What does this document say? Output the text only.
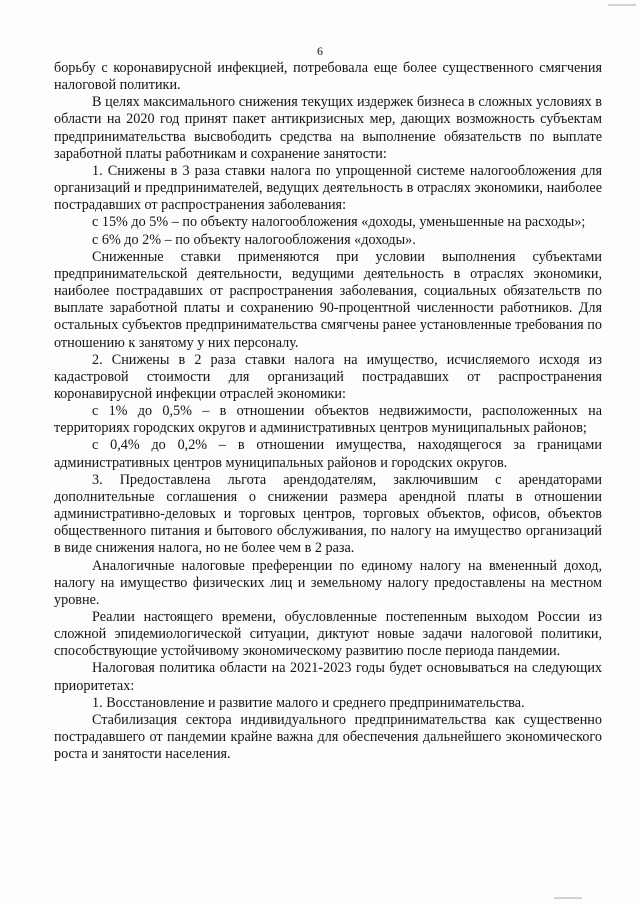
6

борьбу с коронавирусной инфекцией, потребовала еще более существенного смягчения налоговой политики.

В целях максимального снижения текущих издержек бизнеса в сложных условиях в области на 2020 год принят пакет антикризисных мер, дающих возможность субъектам предпринимательства высвободить средства на выполнение обязательств по выплате заработной платы работникам и сохранение занятости:

1. Снижены в 3 раза ставки налога по упрощенной системе налогообложения для организаций и предпринимателей, ведущих деятельность в отраслях экономики, наиболее пострадавших от распространения заболевания:

с 15% до 5% – по объекту налогообложения «доходы, уменьшенные на расходы»;

с 6% до 2% – по объекту налогообложения «доходы».

Сниженные ставки применяются при условии выполнения субъектами предпринимательской деятельности, ведущими деятельность в отраслях экономики, наиболее пострадавших от распространения заболевания, социальных обязательств по выплате заработной платы и сохранению 90-процентной численности работников. Для остальных субъектов предпринимательства смягчены ранее установленные требования по отношению к занятому у них персоналу.

2. Снижены в 2 раза ставки налога на имущество, исчисляемого исходя из кадастровой стоимости для организаций пострадавших от распространения коронавирусной инфекции отраслей экономики:

с 1% до 0,5% – в отношении объектов недвижимости, расположенных на территориях городских округов и административных центров муниципальных районов;

с 0,4% до 0,2% – в отношении имущества, находящегося за границами административных центров муниципальных районов и городских округов.

3. Предоставлена льгота арендодателям, заключившим с арендаторами дополнительные соглашения о снижении размера арендной платы в отношении административно-деловых и торговых центров, торговых объектов, офисов, объектов общественного питания и бытового обслуживания, по налогу на имущество организаций в виде снижения налога, но не более чем в 2 раза.

Аналогичные налоговые преференции по единому налогу на вмененный доход, налогу на имущество физических лиц и земельному налогу предоставлены на местном уровне.

Реалии настоящего времени, обусловленные постепенным выходом России из сложной эпидемиологической ситуации, диктуют новые задачи налоговой политики, способствующие устойчивому экономическому развитию после периода пандемии.

Налоговая политика области на 2021-2023 годы будет основываться на следующих приоритетах:

1. Восстановление и развитие малого и среднего предпринимательства.

Стабилизация сектора индивидуального предпринимательства как существенно пострадавшего от пандемии крайне важна для обеспечения дальнейшего экономического роста и занятости населения.
